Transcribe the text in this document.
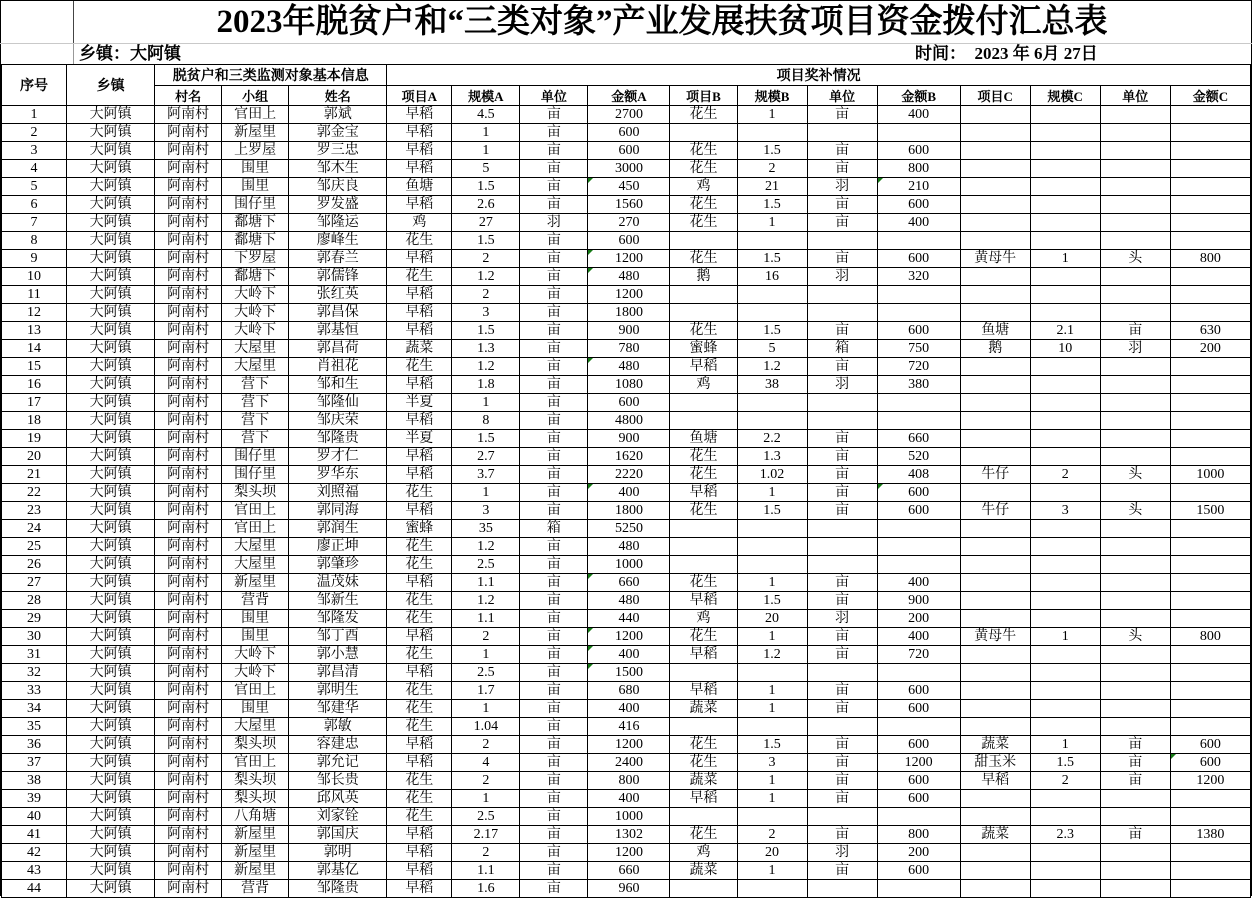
2023年脱贫户和“三类对象”产业发展扶贫项目资金拨付汇总表
乡镇：大阿镇	时间：  2023 年 6月 27日
序号	乡镇	脱贫户和三类监测对象基本信息			项目奖补情况											
		村名	小组	姓名	项目A	规模A	单位	金额A	项目B	规模B	单位	金额B	项目C	规模C	单位	金额C
1	大阿镇	阿南村	官田上	郭斌	早稻	4.5	亩	2700	花生	1	亩	400				
2	大阿镇	阿南村	新屋里	郭金宝	早稻	1	亩	600								
3	大阿镇	阿南村	上罗屋	罗三忠	早稻	1	亩	600	花生	1.5	亩	600				
4	大阿镇	阿南村	围里	邹木生	早稻	5	亩	3000	花生	2	亩	800				
5	大阿镇	阿南村	围里	邹庆良	鱼塘	1.5	亩	450	鸡	21	羽	210

6	大阿镇	阿南村	围仔里	罗发盛	早稻	2.6	亩	1560	花生	1.5	亩	600				
7	大阿镇	阿南村	鄱塘下	邹隆运	鸡	27	羽	270	花生	1	亩	400				
8	大阿镇	阿南村	鄱塘下	廖峰生	花生	1.5	亩	600								
9	大阿镇	阿南村	下罗屋	郭春兰	早稻	2	亩	1200	花生	1.5	亩	600	黄母牛	1	头	800
10	大阿镇	阿南村	鄱塘下	郭儒锋	花生	1.2	亩	480	鹅	16	羽	320				
11	大阿镇	阿南村	大岭下	张红英	早稻	2	亩	1200								
12	大阿镇	阿南村	大岭下	郭昌保	早稻	3	亩	1800								
13	大阿镇	阿南村	大岭下	郭基恒	早稻	1.5	亩	900	花生	1.5	亩	600	鱼塘	2.1	亩	630
14	大阿镇	阿南村	大屋里	郭昌荷	蔬菜	1.3	亩	780	蜜蜂	5	箱	750	鹅	10	羽	200
15	大阿镇	阿南村	大屋里	肖祖花	花生	1.2	亩	480	早稻	1.2	亩	720				
16	大阿镇	阿南村	营下	邹和生	早稻	1.8	亩	1080	鸡	38	羽	380				
17	大阿镇	阿南村	营下	邹隆仙	半夏	1	亩	600								
18	大阿镇	阿南村	营下	邹庆荣	早稻	8	亩	4800								
19	大阿镇	阿南村	营下	邹隆贵	半夏	1.5	亩	900	鱼塘	2.2	亩	660				
20	大阿镇	阿南村	围仔里	罗才仁	早稻	2.7	亩	1620	花生	1.3	亩	520				
21	大阿镇	阿南村	围仔里	罗华东	早稻	3.7	亩	2220	花生	1.02	亩	408	牛仔	2	头	1000
22	大阿镇	阿南村	梨头坝	刘照福	花生	1	亩	400	早稻	1	亩	600

23	大阿镇	阿南村	官田上	郭同海	早稻	3	亩	1800	花生	1.5	亩	600	牛仔	3	头	1500
24	大阿镇	阿南村	官田上	郭润生	蜜蜂	35	箱	5250								
25	大阿镇	阿南村	大屋里	廖正坤	花生	1.2	亩	480								
26	大阿镇	阿南村	大屋里	郭肇珍	花生	2.5	亩	1000								
27	大阿镇	阿南村	新屋里	温茂妹	早稻	1.1	亩	660	花生	1	亩	400				
28	大阿镇	阿南村	营背	邹新生	花生	1.2	亩	480	早稻	1.5	亩	900				
29	大阿镇	阿南村	围里	邹隆发	花生	1.1	亩	440	鸡	20	羽	200				
30	大阿镇	阿南村	围里	邹丁酉	早稻	2	亩	1200	花生	1	亩	400	黄母牛	1	头	800
31	大阿镇	阿南村	大岭下	郭小慧	花生	1	亩	400	早稻	1.2	亩	720				
32	大阿镇	阿南村	大岭下	郭昌清	早稻	2.5	亩	1500

33	大阿镇	阿南村	官田上	郭明生	花生	1.7	亩	680	早稻	1	亩	600				
34	大阿镇	阿南村	围里	邹建华	花生	1	亩	400	蔬菜	1	亩	600				
35	大阿镇	阿南村	大屋里	郭敏	花生	1.04	亩	416								
36	大阿镇	阿南村	梨头坝	容建忠	早稻	2	亩	1200	花生	1.5	亩	600	蔬菜	1	亩	600
37	大阿镇	阿南村	官田上	郭允记	早稻	4	亩	2400	花生	3	亩	1200	甜玉米	1.5	亩	600

38	大阿镇	阿南村	梨头坝	邹长贵	花生	2	亩	800	蔬菜	1	亩	600	早稻	2	亩	1200
39	大阿镇	阿南村	梨头坝	邱风英	花生	1	亩	400	早稻	1	亩	600				
40	大阿镇	阿南村	八角塘	刘家铨	花生	2.5	亩	1000								
41	大阿镇	阿南村	新屋里	郭国庆	早稻	2.17	亩	1302	花生	2	亩	800	蔬菜	2.3	亩	1380
42	大阿镇	阿南村	新屋里	郭明	早稻	2	亩	1200	鸡	20	羽	200				
43	大阿镇	阿南村	新屋里	郭基亿	早稻	1.1	亩	660	蔬菜	1	亩	600				
44	大阿镇	阿南村	营背	邹隆贵	早稻	1.6	亩	960								
